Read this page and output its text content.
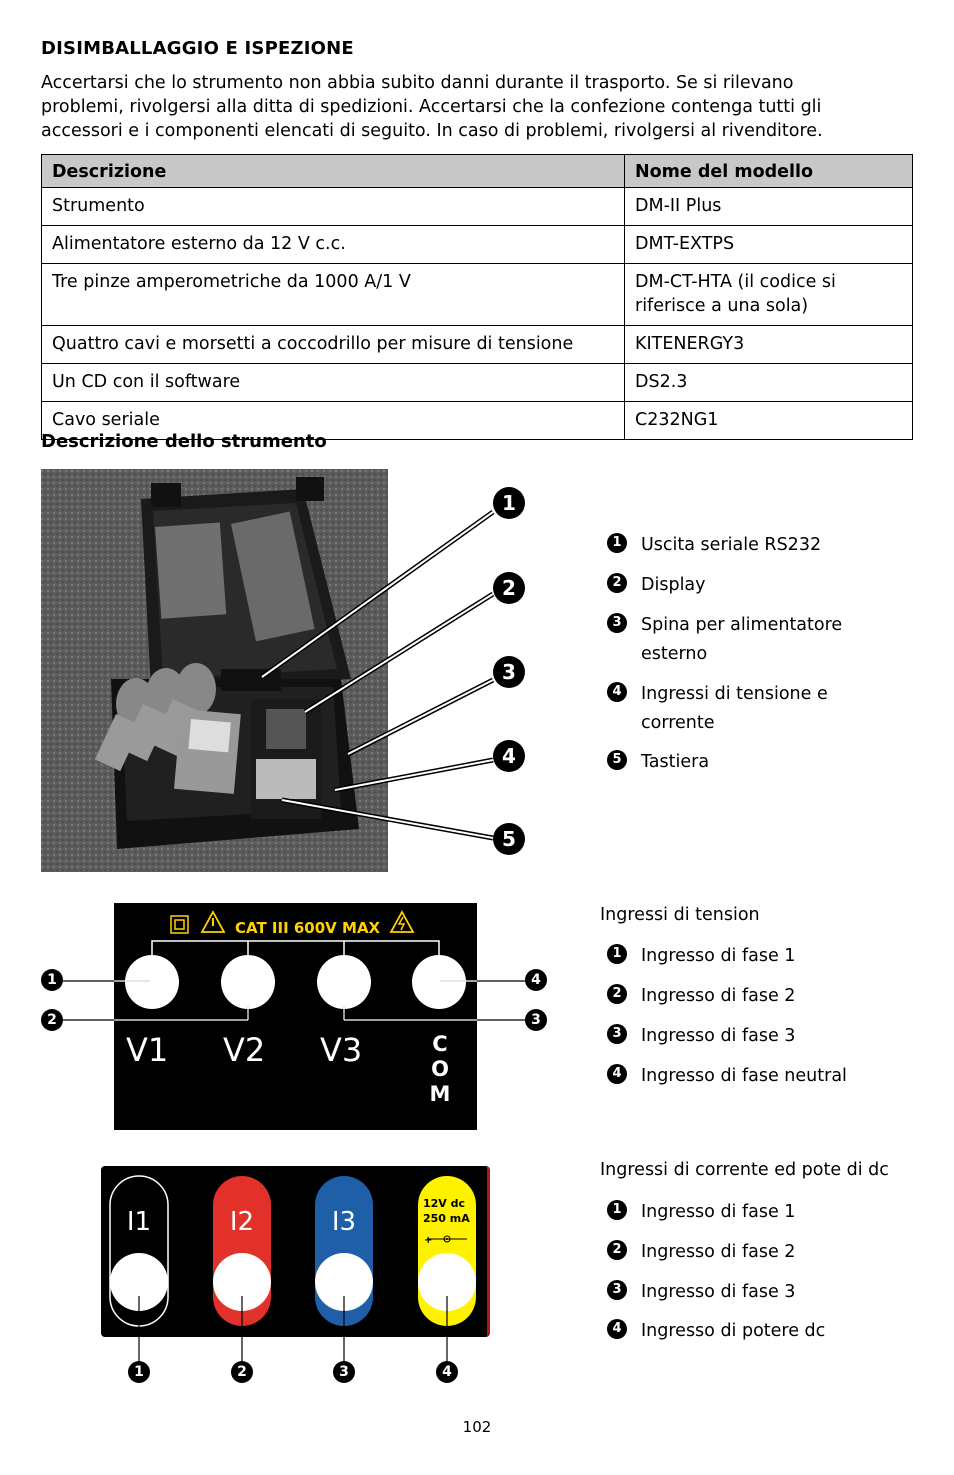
DISIMBALLAGGIO E ISPEZIONE
Accertarsi che lo strumento non abbia subito danni durante il trasporto. Se si rilevano
problemi, rivolgersi alla ditta di spedizioni. Accertarsi che la confezione contenga tutti gli
accessori e i componenti elencati di seguito. In caso di problemi, rivolgersi al rivenditore.
Descrizione	Nome del modello
Strumento	DM-II Plus
Alimentatore esterno da 12 V c.c.	DMT-EXTPS
Tre pinze amperometriche da 1000 A/1 V	DM-CT-HTA (il codice si riferisce a una sola)
Quattro cavi e morsetti a coccodrillo per misure di tensione	KITENERGY3
Un CD con il software	DS2.3
Cavo seriale	C232NG1
Descrizione dello strumento
1
2
3
4
5
1	Uscita seriale RS232
2	Display
3	Spina per alimentatore esterno
4	Ingressi di tensione e corrente
5	Tastiera
CAT III 600V MAX
V1 V2 V3	C O M
1
2	3
4
Ingressi di tension
1	Ingresso di fase 1
2	Ingresso di fase 2
3	Ingresso di fase 3
4	Ingresso di fase neutral
I1	I2	I3
12V dc
250 mA
+
1	2	3	4
Ingressi di corrente ed pote di dc
1	Ingresso di fase 1
2	Ingresso di fase 2
3	Ingresso di fase 3
4	Ingresso di potere dc
102
